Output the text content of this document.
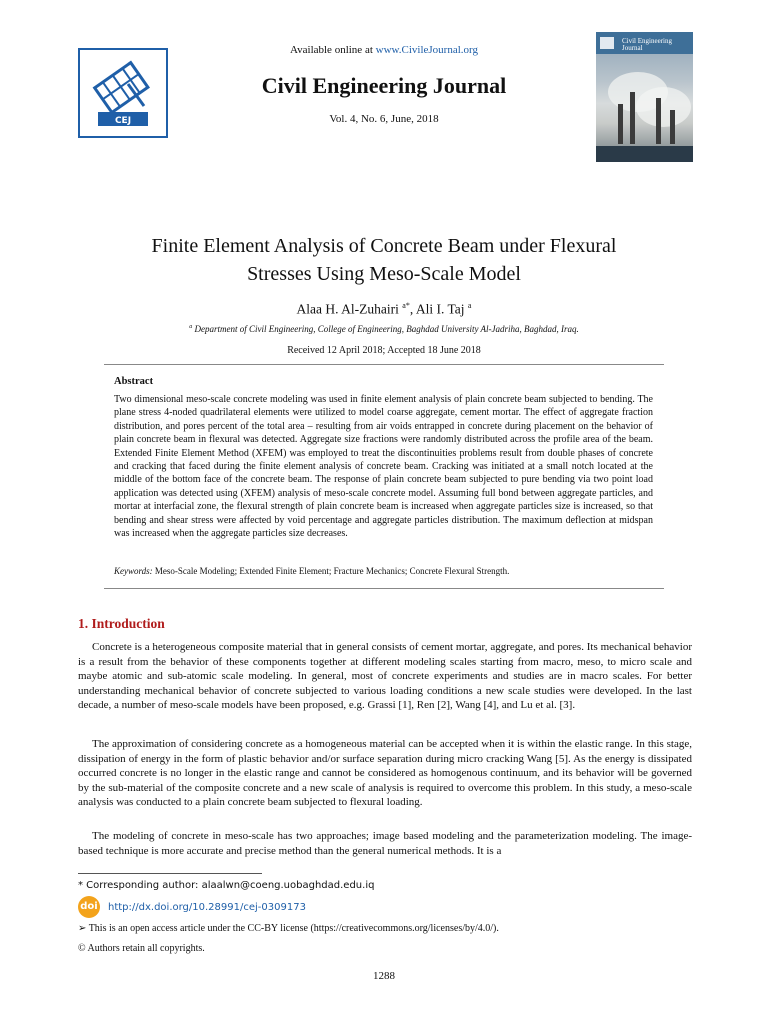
CEJ
Available online at www.CivileJournal.org
Civil Engineering Journal
Vol. 4, No. 6, June, 2018
Civil Engineering Journal
Finite Element Analysis of Concrete Beam under Flexural
Stresses Using Meso-Scale Model
Alaa H. Al-Zuhairi $^{a*}$, Ali I. Taj $^a$
$^a$ Department of Civil Engineering, College of Engineering, Baghdad University Al-Jadriha, Baghdad, Iraq.
Received 12 April 2018; Accepted 18 June 2018
Abstract
Two dimensional meso-scale concrete modeling was used in finite element analysis of plain concrete beam subjected to bending. The plane stress 4-noded quadrilateral elements were utilized to model coarse aggregate, cement mortar. The effect of aggregate fraction distribution, and pores percent of the total area – resulting from air voids entrapped in concrete during placement on the behavior of plain concrete beam in flexural was detected. Aggregate size fractions were randomly distributed across the profile area of the beam. Extended Finite Element Method (XFEM) was employed to treat the discontinuities problems result from double phases of concrete and cracking that faced during the finite element analysis of concrete beam. Cracking was initiated at a small notch located at the middle of the bottom face of the concrete beam. The response of plain concrete beam subjected to pure bending via two point load application was detected using (XFEM) analysis of meso-scale concrete model. Assuming full bond between aggregate particles, and mortar at interfacial zone, the flexural strength of plain concrete beam is increased when aggregate particles size is increased, so that bending and shear stress were affected by void percentage and aggregate particles distribution. The maximum deflection at midspan was increased when the aggregate particles size decreases.
Keywords: Meso-Scale Modeling; Extended Finite Element; Fracture Mechanics; Concrete Flexural Strength.
1. Introduction
Concrete is a heterogeneous composite material that in general consists of cement mortar, aggregate, and pores. Its mechanical behavior is a result from the behavior of these components together at different modeling scales starting from macro, meso, to micro scale and maybe atomic and sub-atomic scale modeling. In general, most of concrete experiments and studies are in macro scales. For better understanding mechanical behavior of concrete subjected to various loading conditions a new scale studies were developed. In the last decade, a number of meso-scale models have been proposed, e.g. Grassi [1], Ren [2], Wang [4], and Lu et al. [3].
The approximation of considering concrete as a homogeneous material can be accepted when it is within the elastic range. In this stage, dissipation of energy in the form of plastic behavior and/or surface separation during micro cracking Wang [5]. As the energy is dissipated occurred concrete is no longer in the elastic range and cannot be considered as homogenous continuum, and its behavior will be governed by the sub-material of the composite concrete and a new scale of analysis is required to overcome this problem. In this study, a meso-scale analysis was conducted to a plain concrete beam subjected to flexural loading.
The modeling of concrete in meso-scale has two approaches; image based modeling and the parameterization modeling. The image-based technique is more accurate and precise method than the general numerical methods. It is a
* Corresponding author: alaalwn@coeng.uobaghdad.edu.iq
doi http://dx.doi.org/10.28991/cej-0309173
➢ This is an open access article under the CC-BY license (https://creativecommons.org/licenses/by/4.0/).
© Authors retain all copyrights.
1288
